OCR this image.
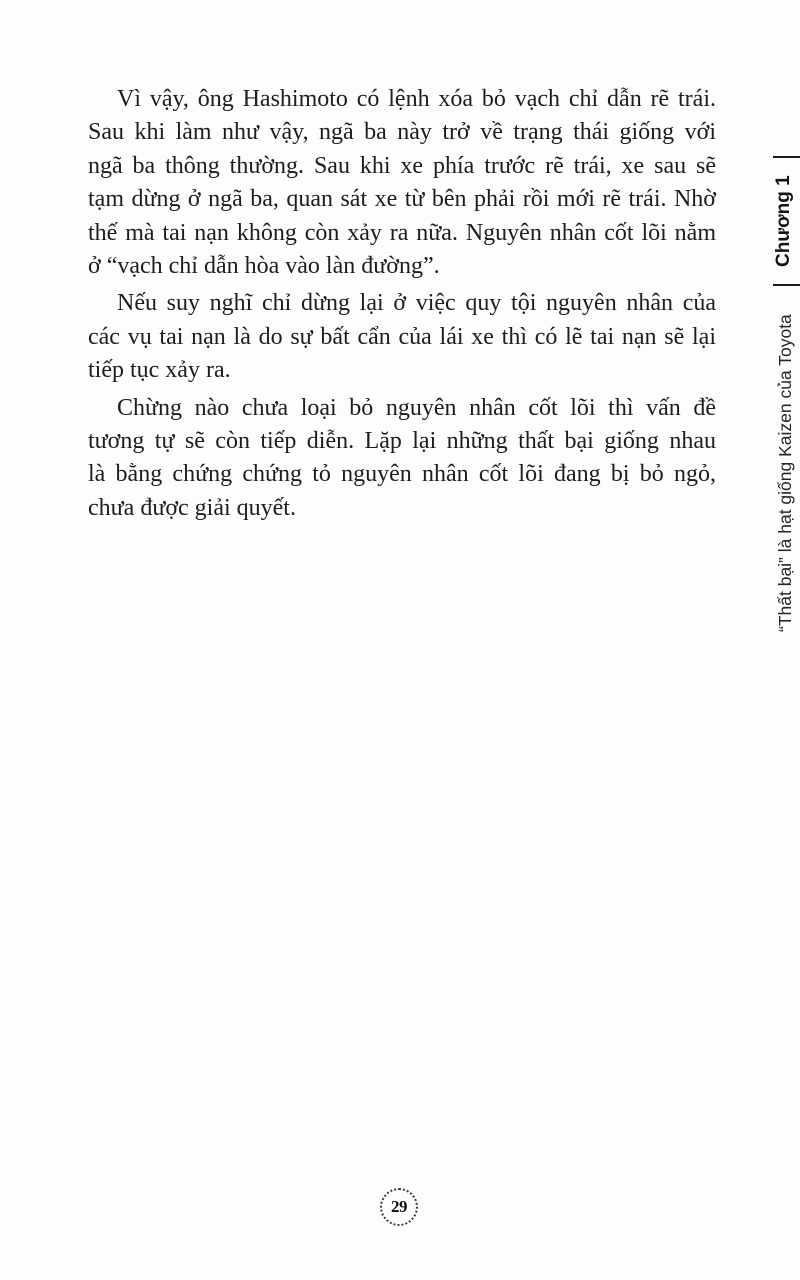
Vì vậy, ông Hashimoto có lệnh xóa bỏ vạch chỉ dẫn rẽ trái.
Sau khi làm như vậy, ngã ba này trở về trạng thái giống với
ngã ba thông thường. Sau khi xe phía trước rẽ trái, xe sau sẽ
tạm dừng ở ngã ba, quan sát xe từ bên phải rồi mới rẽ trái. Nhờ
thế mà tai nạn không còn xảy ra nữa. Nguyên nhân cốt lõi nằm
ở “vạch chỉ dẫn hòa vào làn đường”.

Nếu suy nghĩ chỉ dừng lại ở việc quy tội nguyên nhân của
các vụ tai nạn là do sự bất cẩn của lái xe thì có lẽ tai nạn sẽ lại
tiếp tục xảy ra.

Chừng nào chưa loại bỏ nguyên nhân cốt lõi thì vấn đề
tương tự sẽ còn tiếp diễn. Lặp lại những thất bại giống nhau
là bằng chứng chứng tỏ nguyên nhân cốt lõi đang bị bỏ ngỏ,
chưa được giải quyết.

Chương 1
“Thất bại” là hạt giống Kaizen của Toyota
29
